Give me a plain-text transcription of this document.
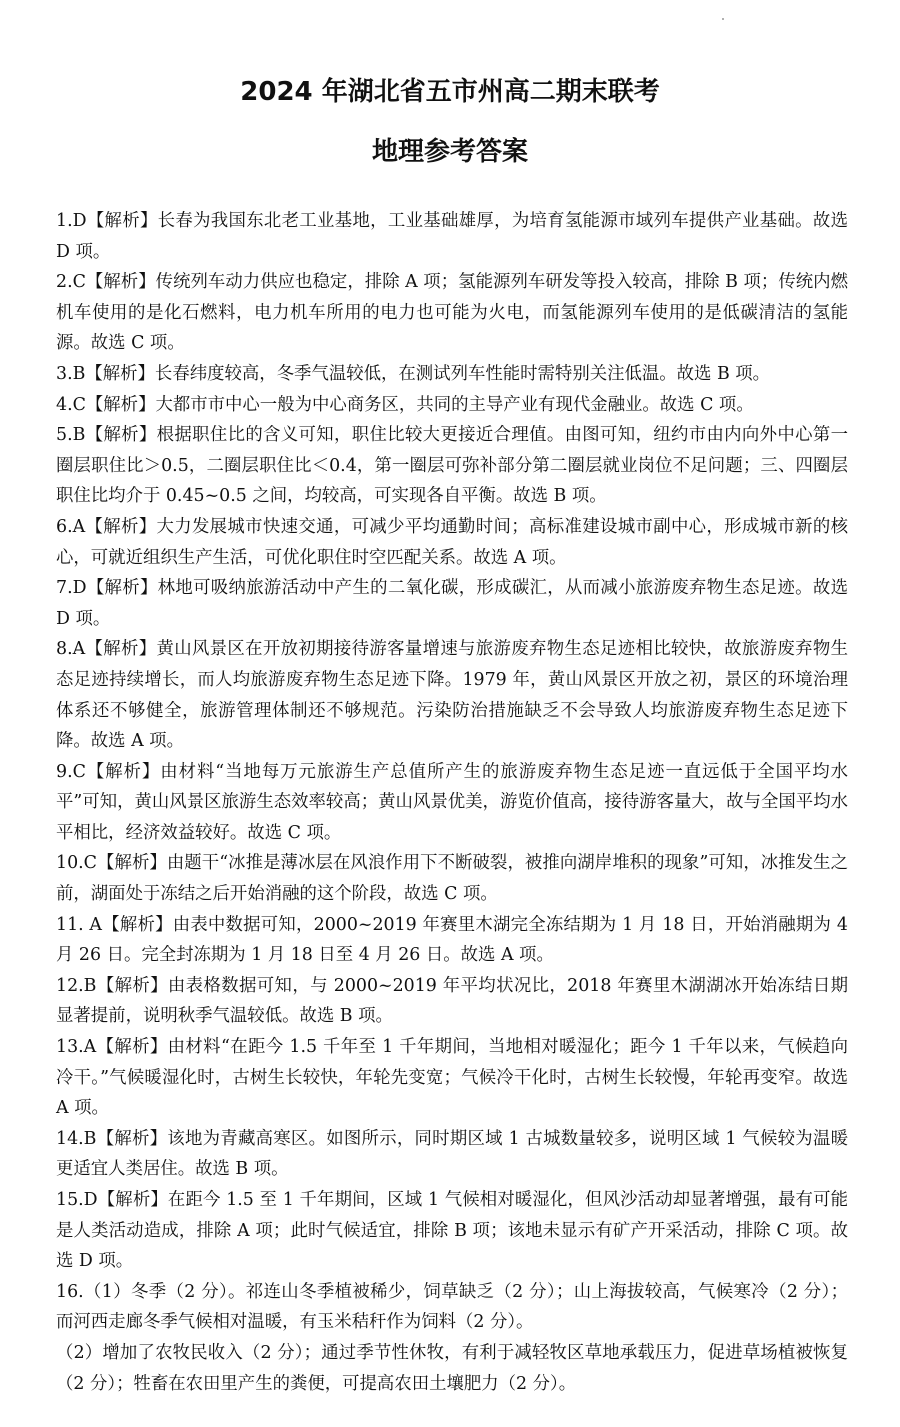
2024 年湖北省五市州高二期末联考
地理参考答案

1.D【解析】长春为我国东北老工业基地，工业基础雄厚，为培育氢能源市域列车提供产业基础。故选 D 项。

2.C【解析】传统列车动力供应也稳定，排除 A 项；氢能源列车研发等投入较高，排除 B 项；传统内燃机车使用的是化石燃料，电力机车所用的电力也可能为火电，而氢能源列车使用的是低碳清洁的氢能源。故选 C 项。

3.B【解析】长春纬度较高，冬季气温较低，在测试列车性能时需特别关注低温。故选 B 项。

4.C【解析】大都市市中心一般为中心商务区，共同的主导产业有现代金融业。故选 C 项。

5.B【解析】根据职住比的含义可知，职住比较大更接近合理值。由图可知，纽约市由内向外中心第一圈层职住比＞0.5，二圈层职住比＜0.4，第一圈层可弥补部分第二圈层就业岗位不足问题；三、四圈层职住比均介于 0.45~0.5 之间，均较高，可实现各自平衡。故选 B 项。

6.A【解析】大力发展城市快速交通，可减少平均通勤时间；高标准建设城市副中心，形成城市新的核心，可就近组织生产生活，可优化职住时空匹配关系。故选 A 项。

7.D【解析】林地可吸纳旅游活动中产生的二氧化碳，形成碳汇，从而减小旅游废弃物生态足迹。故选 D 项。

8.A【解析】黄山风景区在开放初期接待游客量增速与旅游废弃物生态足迹相比较快，故旅游废弃物生态足迹持续增长，而人均旅游废弃物生态足迹下降。1979 年，黄山风景区开放之初，景区的环境治理体系还不够健全，旅游管理体制还不够规范。污染防治措施缺乏不会导致人均旅游废弃物生态足迹下降。故选 A 项。

9.C【解析】由材料“当地每万元旅游生产总值所产生的旅游废弃物生态足迹一直远低于全国平均水平”可知，黄山风景区旅游生态效率较高；黄山风景优美，游览价值高，接待游客量大，故与全国平均水平相比，经济效益较好。故选 C 项。

10.C【解析】由题干“冰推是薄冰层在风浪作用下不断破裂，被推向湖岸堆积的现象”可知，冰推发生之前，湖面处于冻结之后开始消融的这个阶段，故选 C 项。

11. A【解析】由表中数据可知，2000~2019 年赛里木湖完全冻结期为 1 月 18 日，开始消融期为 4 月 26 日。完全封冻期为 1 月 18 日至 4 月 26 日。故选 A 项。

12.B【解析】由表格数据可知，与 2000~2019 年平均状况比，2018 年赛里木湖湖冰开始冻结日期显著提前，说明秋季气温较低。故选 B 项。

13.A【解析】由材料“在距今 1.5 千年至 1 千年期间，当地相对暖湿化；距今 1 千年以来，气候趋向冷干。”气候暖湿化时，古树生长较快，年轮先变宽；气候冷干化时，古树生长较慢，年轮再变窄。故选 A 项。

14.B【解析】该地为青藏高寒区。如图所示，同时期区域 1 古城数量较多，说明区域 1 气候较为温暖更适宜人类居住。故选 B 项。

15.D【解析】在距今 1.5 至 1 千年期间，区域 1 气候相对暖湿化，但风沙活动却显著增强，最有可能是人类活动造成，排除 A 项；此时气候适宜，排除 B 项；该地未显示有矿产开采活动，排除 C 项。故选 D 项。

16.（1）冬季（2 分）。祁连山冬季植被稀少，饲草缺乏（2 分）；山上海拔较高，气候寒冷（2 分）；而河西走廊冬季气候相对温暖，有玉米秸秆作为饲料（2 分）。

（2）增加了农牧民收入（2 分）；通过季节性休牧，有利于减轻牧区草地承载压力，促进草场植被恢复（2 分）；牲畜在农田里产生的粪便，可提高农田土壤肥力（2 分）。
